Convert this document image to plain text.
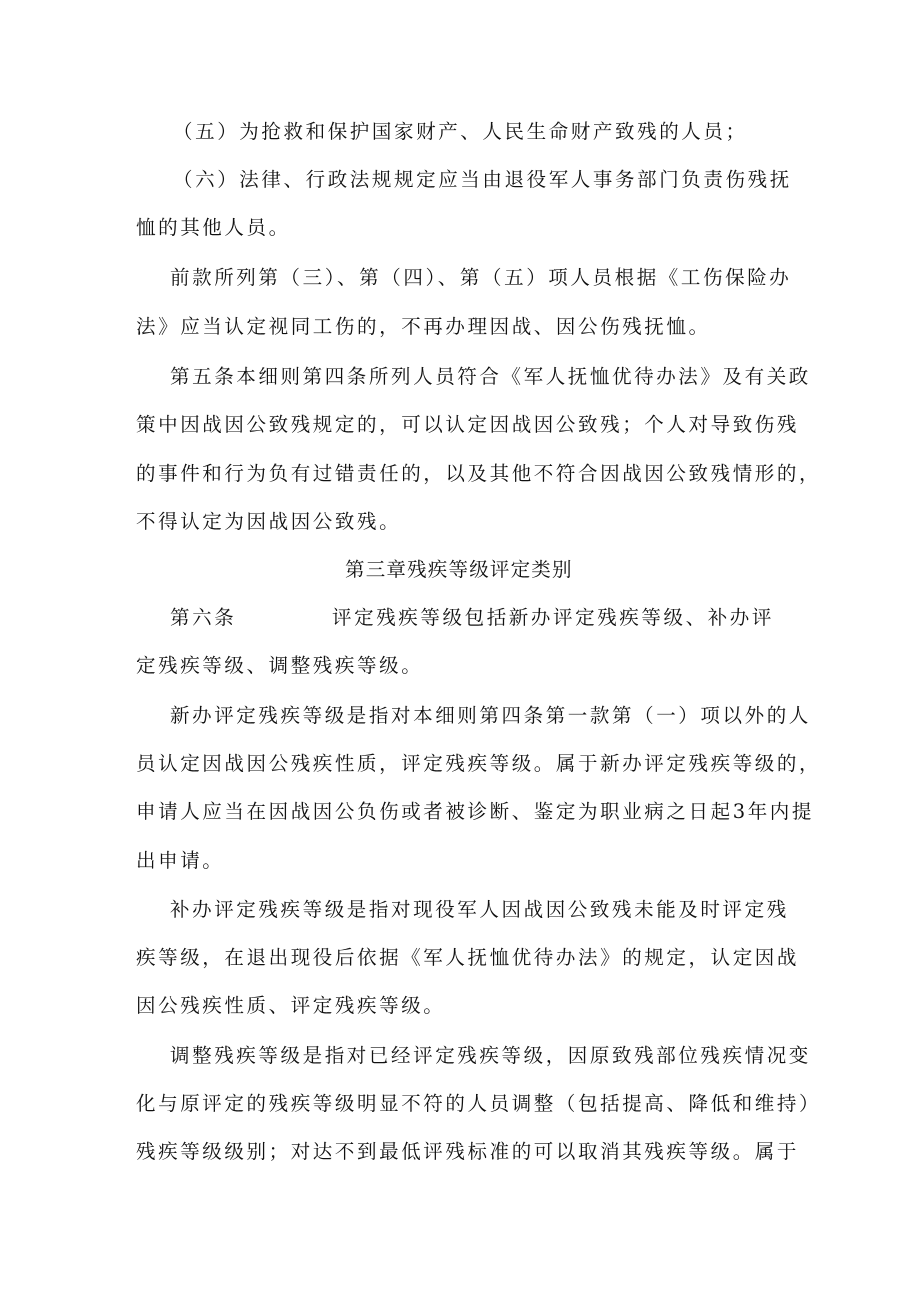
（五）为抢救和保护国家财产、人民生命财产致残的人员；
（六）法律、行政法规规定应当由退役军人事务部门负责伤残抚
恤的其他人员。
前款所列第（三）、第（四）、第（五）项人员根据《工伤保险办
法》应当认定视同工伤的，不再办理因战、因公伤残抚恤。
第五条本细则第四条所列人员符合《军人抚恤优待办法》及有关政
策中因战因公致残规定的，可以认定因战因公致残；个人对导致伤残
的事件和行为负有过错责任的，以及其他不符合因战因公致残情形的，
不得认定为因战因公致残。
第三章残疾等级评定类别
第六条	评定残疾等级包括新办评定残疾等级、补办评
定残疾等级、调整残疾等级。
新办评定残疾等级是指对本细则第四条第一款第（一）项以外的人
员认定因战因公残疾性质，评定残疾等级。属于新办评定残疾等级的，
申请人应当在因战因公负伤或者被诊断、鉴定为职业病之日起3年内提
出申请。
补办评定残疾等级是指对现役军人因战因公致残未能及时评定残
疾等级，在退出现役后依据《军人抚恤优待办法》的规定，认定因战
因公残疾性质、评定残疾等级。
调整残疾等级是指对已经评定残疾等级，因原致残部位残疾情况变
化与原评定的残疾等级明显不符的人员调整（包括提高、降低和维持）
残疾等级级别；对达不到最低评残标准的可以取消其残疾等级。属于
